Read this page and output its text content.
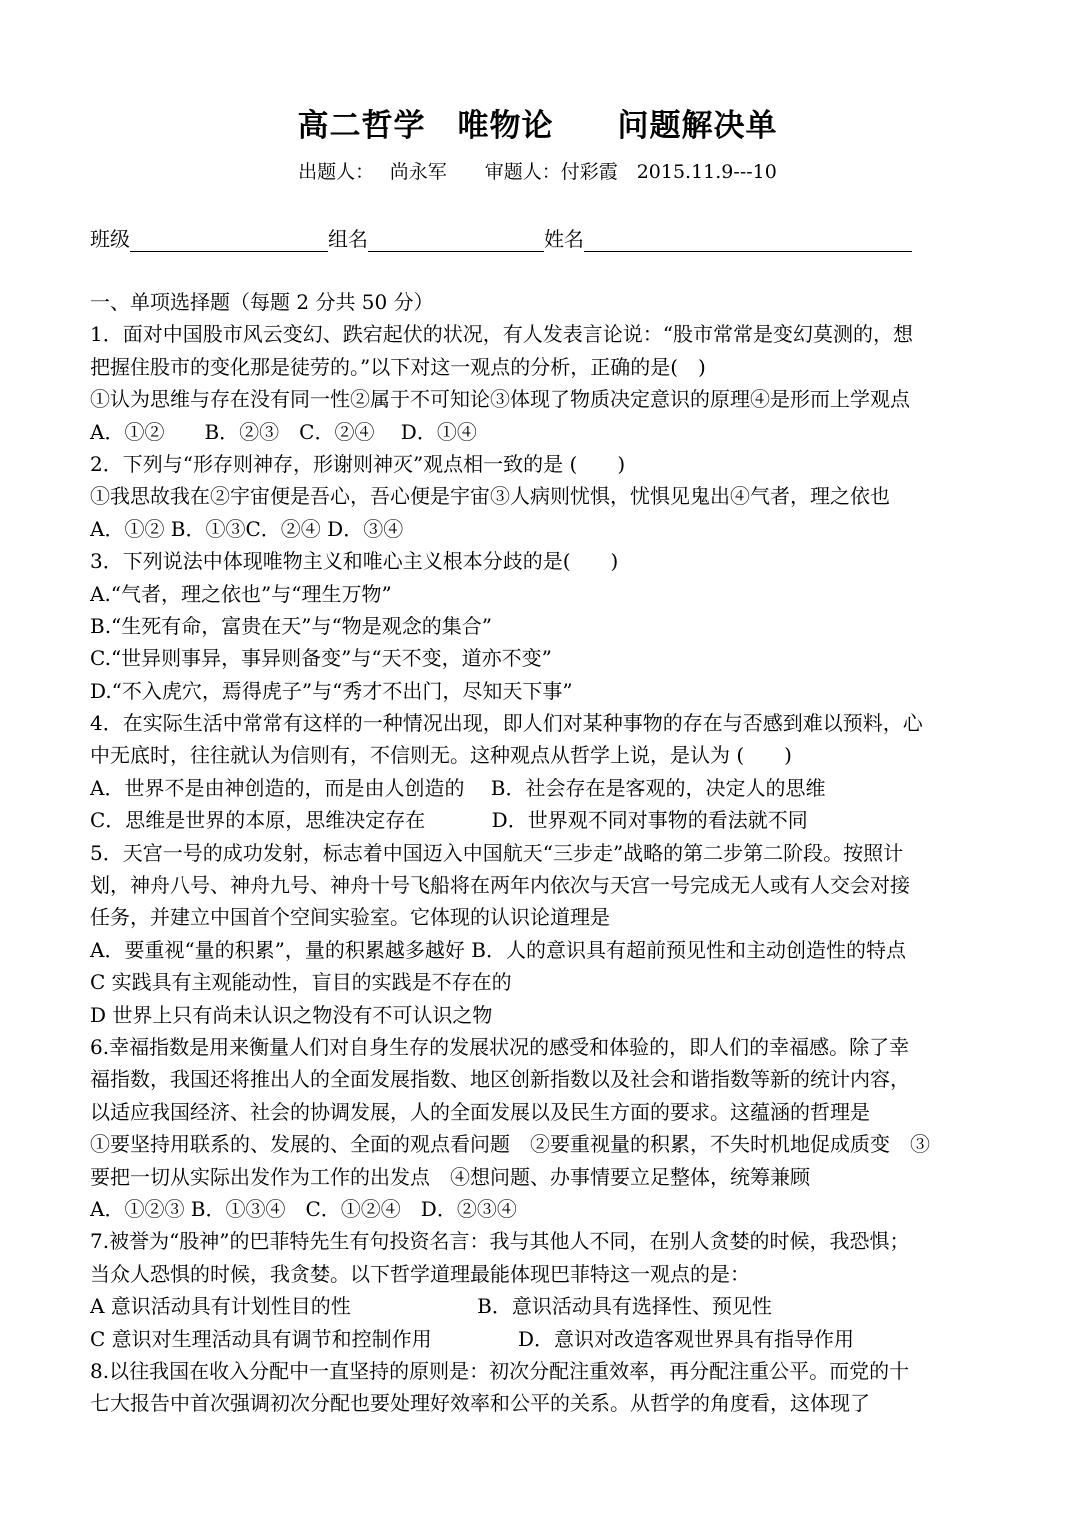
高二哲学　唯物论　　问题解决单
出题人：　 尚永军　　审题人：付彩霞　2015.11.9---10
班级	组名	姓名
一、单项选择题（每题 2 分共 50 分）
1．面对中国股市风云变幻、跌宕起伏的状况，有人发表言论说：“股市常常是变幻莫测的，想
把握住股市的变化那是徒劳的。”以下对这一观点的分析，正确的是(　)
①认为思维与存在没有同一性②属于不可知论③体现了物质决定意识的原理④是形而上学观点
A．①②　　B．②③　C．②④　 D．①④
2．下列与“形存则神存，形谢则神灭”观点相一致的是 (　　)
①我思故我在②宇宙便是吾心，吾心便是宇宙③人病则忧惧，忧惧见鬼出④气者，理之依也
A．①② B．①③C．②④ D．③④
3．下列说法中体现唯物主义和唯心主义根本分歧的是(　　)
A.“气者，理之依也”与“理生万物”
B.“生死有命，富贵在天”与“物是观念的集合”
C.“世异则事异，事异则备变”与“天不变，道亦不变”
D.“不入虎穴，焉得虎子”与“秀才不出门，尽知天下事”
4．在实际生活中常常有这样的一种情况出现，即人们对某种事物的存在与否感到难以预料，心
中无底时，往往就认为信则有，不信则无。这种观点从哲学上说，是认为 (　　)
A．世界不是由神创造的，而是由人创造的　 B．社会存在是客观的，决定人的思维
C．思维是世界的本原，思维决定存在　　　 D．世界观不同对事物的看法就不同
5．天宫一号的成功发射，标志着中国迈入中国航天“三步走”战略的第二步第二阶段。按照计
划，神舟八号、神舟九号、神舟十号飞船将在两年内依次与天宫一号完成无人或有人交会对接
任务，并建立中国首个空间实验室。它体现的认识论道理是
A．要重视“量的积累”，量的积累越多越好 B．人的意识具有超前预见性和主动创造性的特点
C 实践具有主观能动性，盲目的实践是不存在的
D 世界上只有尚未认识之物没有不可认识之物
6.幸福指数是用来衡量人们对自身生存的发展状况的感受和体验的，即人们的幸福感。除了幸
福指数，我国还将推出人的全面发展指数、地区创新指数以及社会和谐指数等新的统计内容，
以适应我国经济、社会的协调发展，人的全面发展以及民生方面的要求。这蕴涵的哲理是
①要坚持用联系的、发展的、全面的观点看问题　②要重视量的积累，不失时机地促成质变　③
要把一切从实际出发作为工作的出发点　④想问题、办事情要立足整体，统筹兼顾
A．①②③ B．①③④　C．①②④　D．②③④
7.被誉为“股神”的巴菲特先生有句投资名言：我与其他人不同，在别人贪婪的时候，我恐惧；
当众人恐惧的时候，我贪婪。以下哲学道理最能体现巴菲特这一观点的是：
A 意识活动具有计划性目的性　　　　　　 B．意识活动具有选择性、预见性
C 意识对生理活动具有调节和控制作用　　　　 D．意识对改造客观世界具有指导作用
8.以往我国在收入分配中一直坚持的原则是：初次分配注重效率，再分配注重公平。而党的十
七大报告中首次强调初次分配也要处理好效率和公平的关系。从哲学的角度看，这体现了
